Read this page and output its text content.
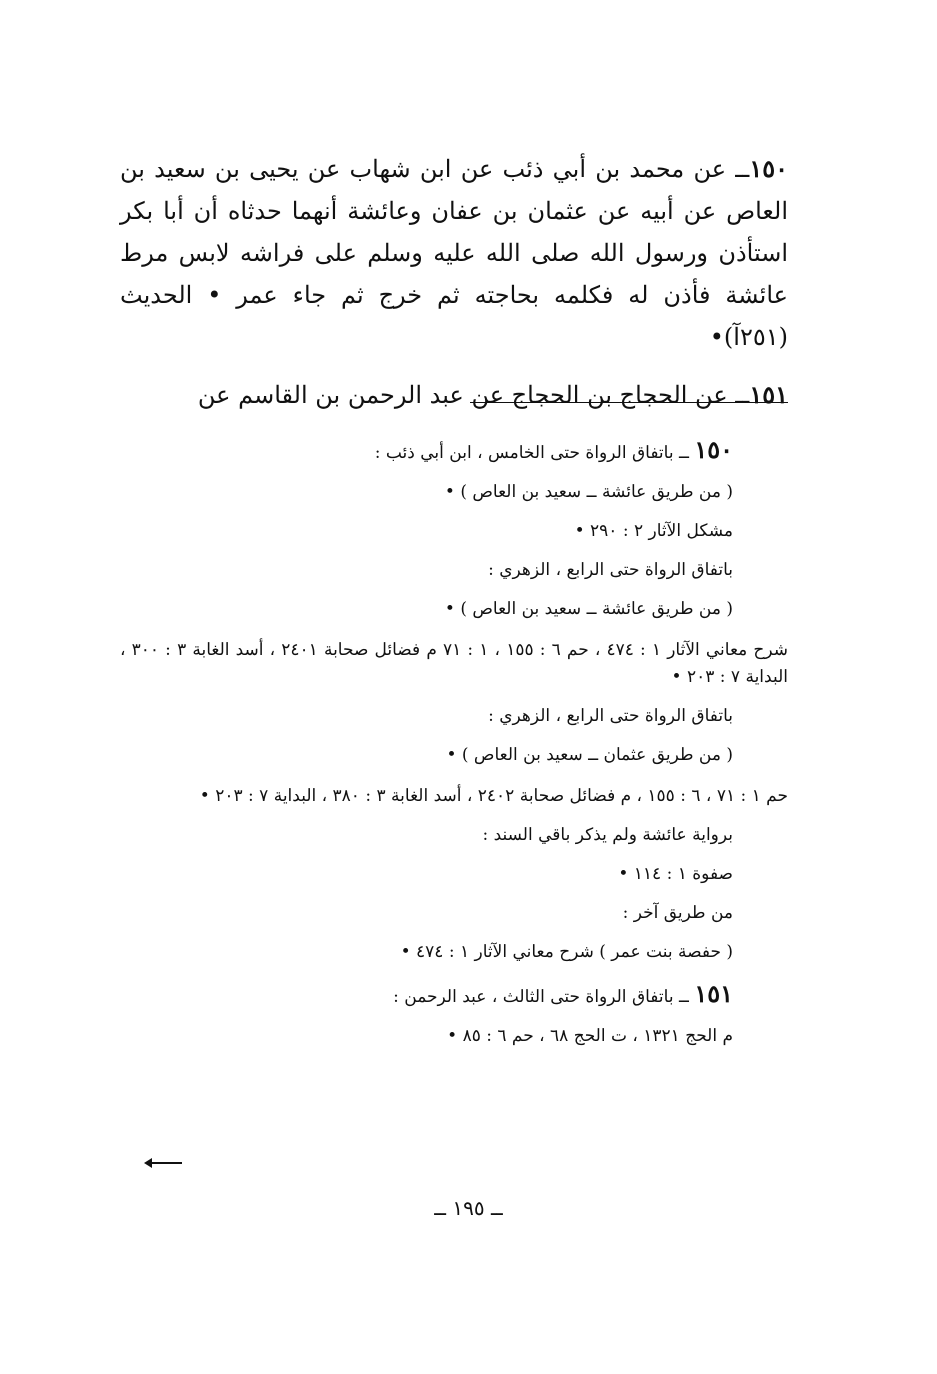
١٥٠ــ عن محمد بن أبي ذئب عن ابن شهاب عن يحيى بن سعيد بن العاص عن أبيه عن عثمان بن عفان وعائشة أنهما حدثاه أن أبا بكر استأذن ورسول الله صلى الله عليه وسلم على فراشه لابس مرط عائشة فأذن له فكلمه بحاجته ثم خرج ثم جاء عمر • الحديث (٢٥١آ)•

١٥١ــ عن الحجاج بن الحجاج عن عبد الرحمن بن القاسم عن

١٥٠ ــ باتفاق الرواة حتى الخامس ، ابن أبي ذئب :
( من طريق عائشة ــ سعيد بن العاص ) •
مشكل الآثار ٢ : ٢٩٠ •
باتفاق الرواة حتى الرابع ، الزهري :
( من طريق عائشة ــ سعيد بن العاص ) •
شرح معاني الآثار ١ : ٤٧٤ ، حم ٦ : ١٥٥ ، ١ : ٧١ م فضائل صحابة ٢٤٠١ ، أسد الغابة ٣ : ٣٠٠ ، البداية ٧ : ٢٠٣ •
باتفاق الرواة حتى الرابع ، الزهري :
( من طريق عثمان ــ سعيد بن العاص ) •
حم ١ : ٧١ ، ٦ : ١٥٥ ، م فضائل صحابة ٢٤٠٢ ، أسد الغابة ٣ : ٣٨٠ ، البداية ٧ : ٢٠٣ •
برواية عائشة ولم يذكر باقي السند :
صفوة ١ : ١١٤ •
من طريق آخر :
( حفصة بنت عمر ) شرح معاني الآثار ١ : ٤٧٤ •
١٥١ ــ باتفاق الرواة حتى الثالث ، عبد الرحمن :
م الحج ١٣٢١ ، ت الحج ٦٨ ، حم ٦ : ٨٥ •
ــ ١٩٥ ــ
